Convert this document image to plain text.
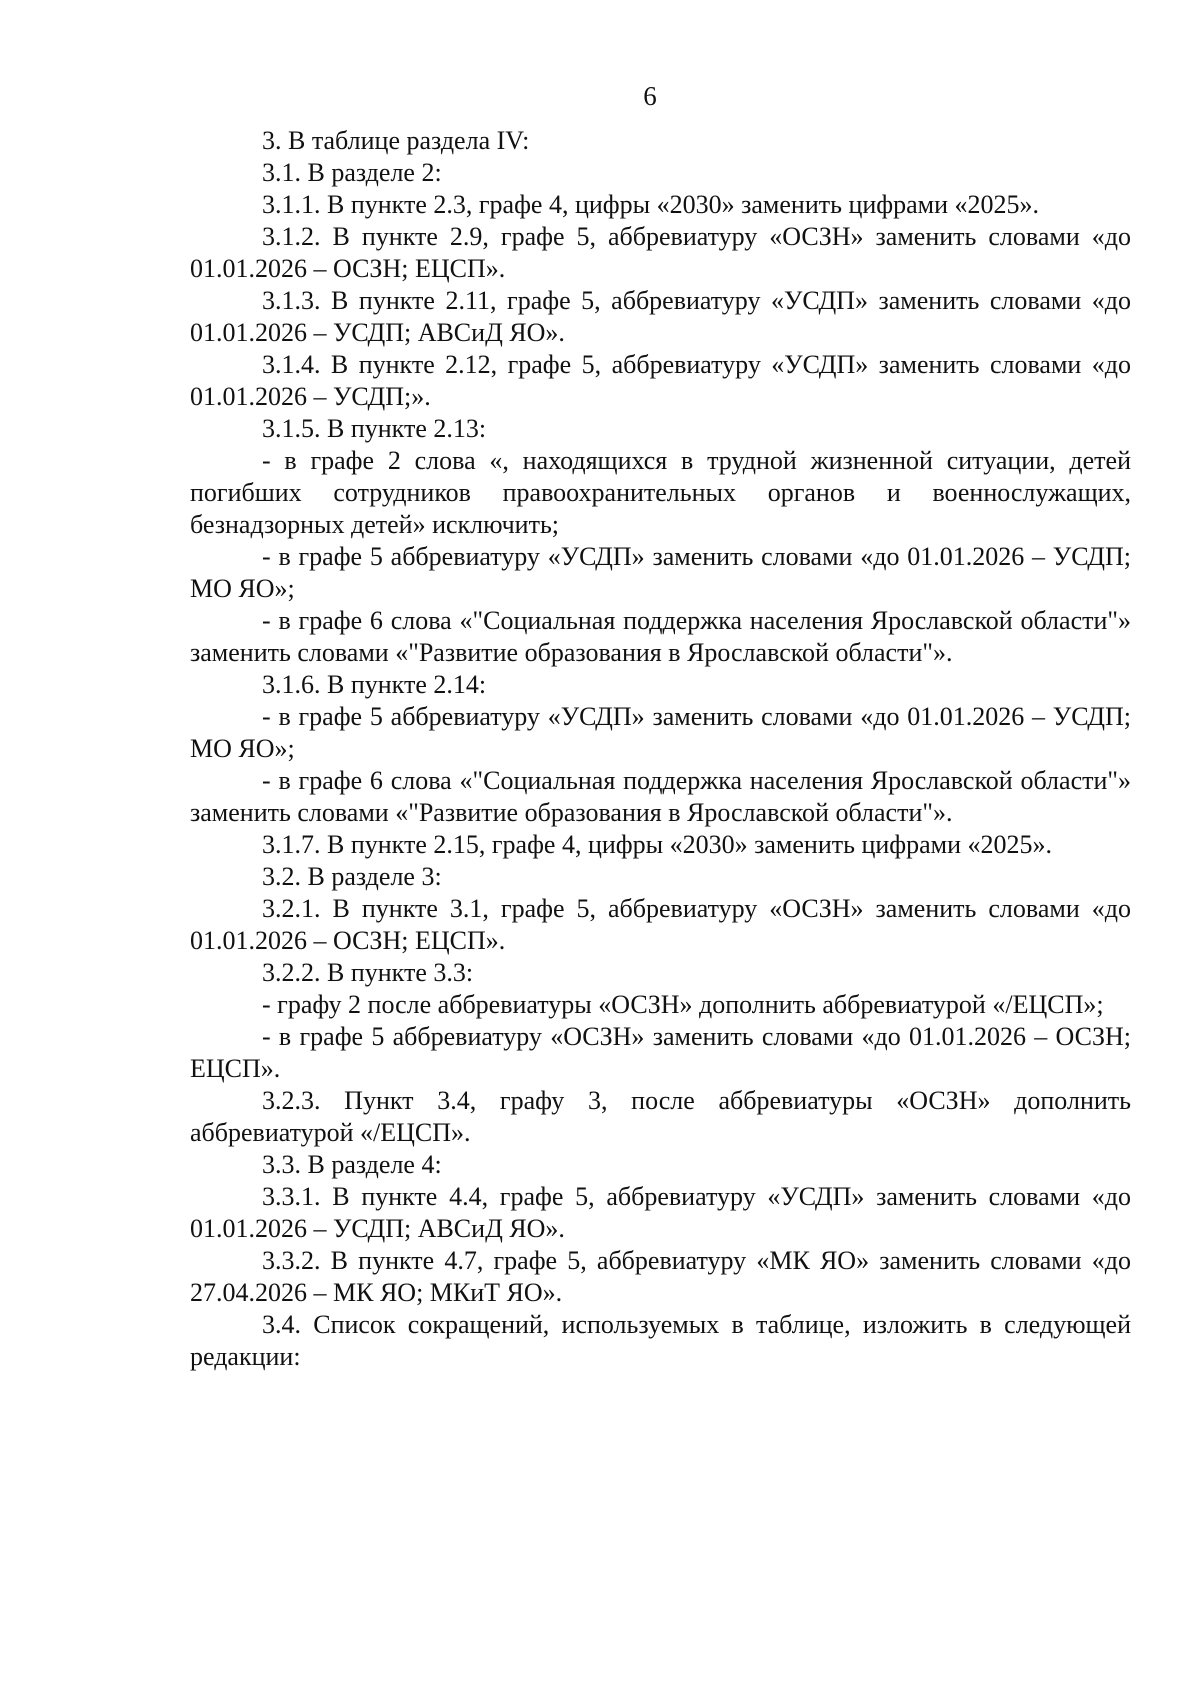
6

3. В таблице раздела IV:

3.1. В разделе 2:

3.1.1. В пункте 2.3, графе 4, цифры «2030» заменить цифрами «2025».

3.1.2. В пункте 2.9, графе 5, аббревиатуру «ОСЗН» заменить словами «до 01.01.2026 – ОСЗН; ЕЦСП».

3.1.3. В пункте 2.11, графе 5, аббревиатуру «УСДП» заменить словами «до 01.01.2026 – УСДП; АВСиД ЯО».

3.1.4. В пункте 2.12, графе 5, аббревиатуру «УСДП» заменить словами «до 01.01.2026 – УСДП;».

3.1.5. В пункте 2.13:

- в графе 2 слова «, находящихся в трудной жизненной ситуации, детей погибших сотрудников правоохранительных органов и военнослужащих, безнадзорных детей» исключить;

- в графе 5 аббревиатуру «УСДП» заменить словами «до 01.01.2026 – УСДП; МО ЯО»;

- в графе 6 слова «"Социальная поддержка населения Ярославской области"» заменить словами «"Развитие образования в Ярославской области"».

3.1.6. В пункте 2.14:

- в графе 5 аббревиатуру «УСДП» заменить словами «до 01.01.2026 – УСДП; МО ЯО»;

- в графе 6 слова «"Социальная поддержка населения Ярославской области"» заменить словами «"Развитие образования в Ярославской области"».

3.1.7. В пункте 2.15, графе 4, цифры «2030» заменить цифрами «2025».

3.2. В разделе 3:

3.2.1. В пункте 3.1, графе 5, аббревиатуру «ОСЗН» заменить словами «до 01.01.2026 – ОСЗН; ЕЦСП».

3.2.2. В пункте 3.3:

- графу 2 после аббревиатуры «ОСЗН» дополнить аббревиатурой «/ЕЦСП»;

- в графе 5 аббревиатуру «ОСЗН» заменить словами «до 01.01.2026 – ОСЗН; ЕЦСП».

3.2.3. Пункт 3.4, графу 3, после аббревиатуры «ОСЗН» дополнить аббревиатурой «/ЕЦСП».

3.3. В разделе 4:

3.3.1. В пункте 4.4, графе 5, аббревиатуру «УСДП» заменить словами «до 01.01.2026 – УСДП; АВСиД ЯО».

3.3.2. В пункте 4.7, графе 5, аббревиатуру «МК ЯО» заменить словами «до 27.04.2026 – МК ЯО; МКиТ ЯО».

3.4. Список сокращений, используемых в таблице, изложить в следующей редакции:
